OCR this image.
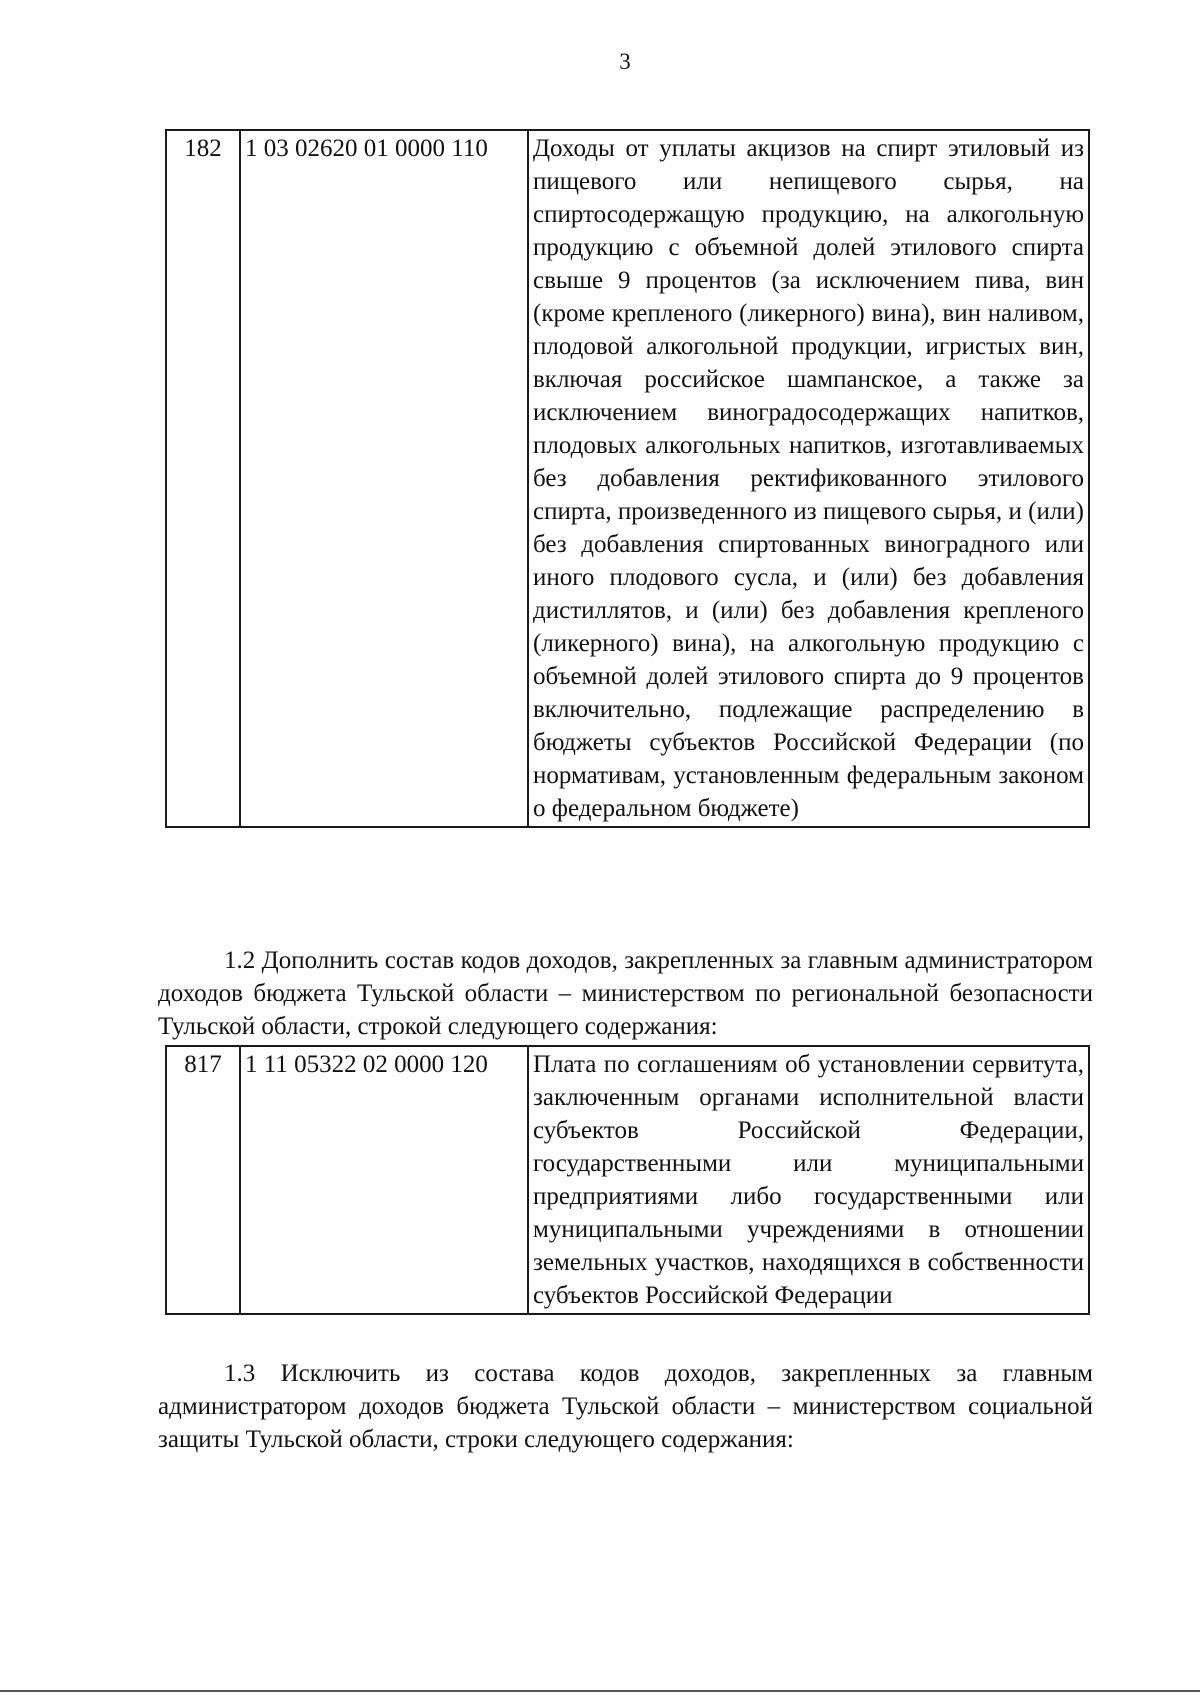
3
182	1 03 02620 01 0000 110	Доходы от уплаты акцизов на спирт этиловый из пищевого или непищевого сырья, на спиртосодержащую продукцию, на алкогольную продукцию с объемной долей этилового спирта свыше 9 процентов (за исключением пива, вин (кроме крепленого (ликерного) вина), вин наливом, плодовой алкогольной продукции, игристых вин, включая российское шампанское, а также за исключением виноградосодержащих напитков, плодовых алкогольных напитков, изготавливаемых без добавления ректификованного этилового спирта, произведенного из пищевого сырья, и (или) без добавления спиртованных виноградного или иного плодового сусла, и (или) без добавления дистиллятов, и (или) без добавления крепленого (ликерного) вина), на алкогольную продукцию с объемной долей этилового спирта до 9 процентов включительно, подлежащие распределению в бюджеты субъектов Российской Федерации (по нормативам, установленным федеральным законом о федеральном бюджете)

1.2 Дополнить состав кодов доходов, закрепленных за главным администратором доходов бюджета Тульской области – министерством по региональной безопасности Тульской области, строкой следующего содержания:

817	1 11 05322 02 0000 120	Плата по соглашениям об установлении сервитута, заключенным органами исполнительной власти субъектов Российской Федерации, государственными или муниципальными предприятиями либо государственными или муниципальными учреждениями в отношении земельных участков, находящихся в собственности субъектов Российской Федерации

1.3 Исключить из состава кодов доходов, закрепленных за главным администратором доходов бюджета Тульской области – министерством социальной защиты Тульской области, строки следующего содержания:
